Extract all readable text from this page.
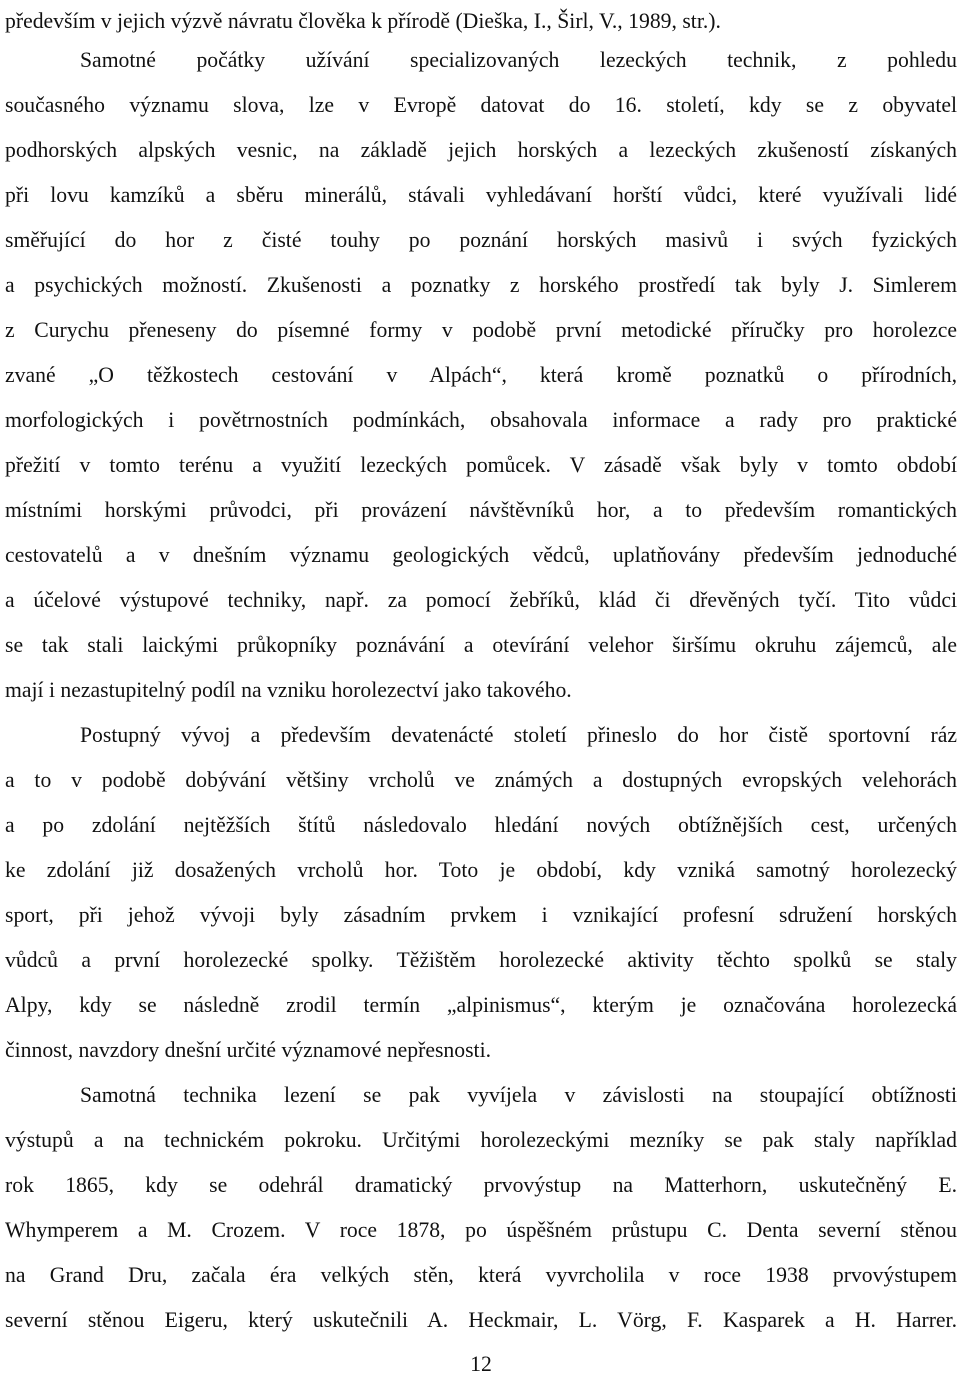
především v jejich výzvě návratu člověka k přírodě (Dieška, I., Širl, V., 1989, str.).
Samotné počátky užívání specializovaných lezeckých technik, z pohledu
současného významu slova, lze v Evropě datovat do 16. století, kdy se z obyvatel
podhorských alpských vesnic, na základě jejich horských a lezeckých zkušeností získaných
při lovu kamzíků a sběru minerálů, stávali vyhledávaní horští vůdci, které využívali lidé
směřující do hor z čisté touhy po poznání horských masivů i svých fyzických
a psychických možností. Zkušenosti a poznatky z horského prostředí tak byly J. Simlerem
z Curychu přeneseny do písemné formy v podobě první metodické příručky pro horolezce
zvané „O těžkostech cestování v Alpách“, která kromě poznatků o přírodních,
morfologických i povětrnostních podmínkách, obsahovala informace a rady pro praktické
přežití v tomto terénu a využití lezeckých pomůcek. V zásadě však byly v tomto období
místními horskými průvodci, při provázení návštěvníků hor, a to především romantických
cestovatelů a v dnešním významu geologických vědců, uplatňovány především jednoduché
a účelové výstupové techniky, např. za pomocí žebříků, klád či dřevěných tyčí. Tito vůdci
se tak stali laickými průkopníky poznávání a otevírání velehor širšímu okruhu zájemců, ale
mají i nezastupitelný podíl na vzniku horolezectví jako takového.
Postupný vývoj a především devatenácté století přineslo do hor čistě sportovní ráz
a to v podobě dobývání většiny vrcholů ve známých a dostupných evropských velehorách
a po zdolání nejtěžších štítů následovalo hledání nových obtížnějších cest, určených
ke zdolání již dosažených vrcholů hor. Toto je období, kdy vzniká samotný horolezecký
sport, při jehož vývoji byly zásadním prvkem i vznikající profesní sdružení horských
vůdců a první horolezecké spolky. Těžištěm horolezecké aktivity těchto spolků se staly
Alpy, kdy se následně zrodil termín „alpinismus“, kterým je označována horolezecká
činnost, navzdory dnešní určité významové nepřesnosti.
Samotná technika lezení se pak vyvíjela v závislosti na stoupající obtížnosti
výstupů a na technickém pokroku. Určitými horolezeckými mezníky se pak staly například
rok 1865, kdy se odehrál dramatický prvovýstup na Matterhorn, uskutečněný E.
Whymperem a M. Crozem. V roce 1878, po úspěšném průstupu C. Denta severní stěnou
na Grand Dru, začala éra velkých stěn, která vyvrcholila v roce 1938 prvovýstupem
severní stěnou Eigeru, který uskutečnili A. Heckmair, L. Vörg, F. Kasparek a H. Harrer.
12
